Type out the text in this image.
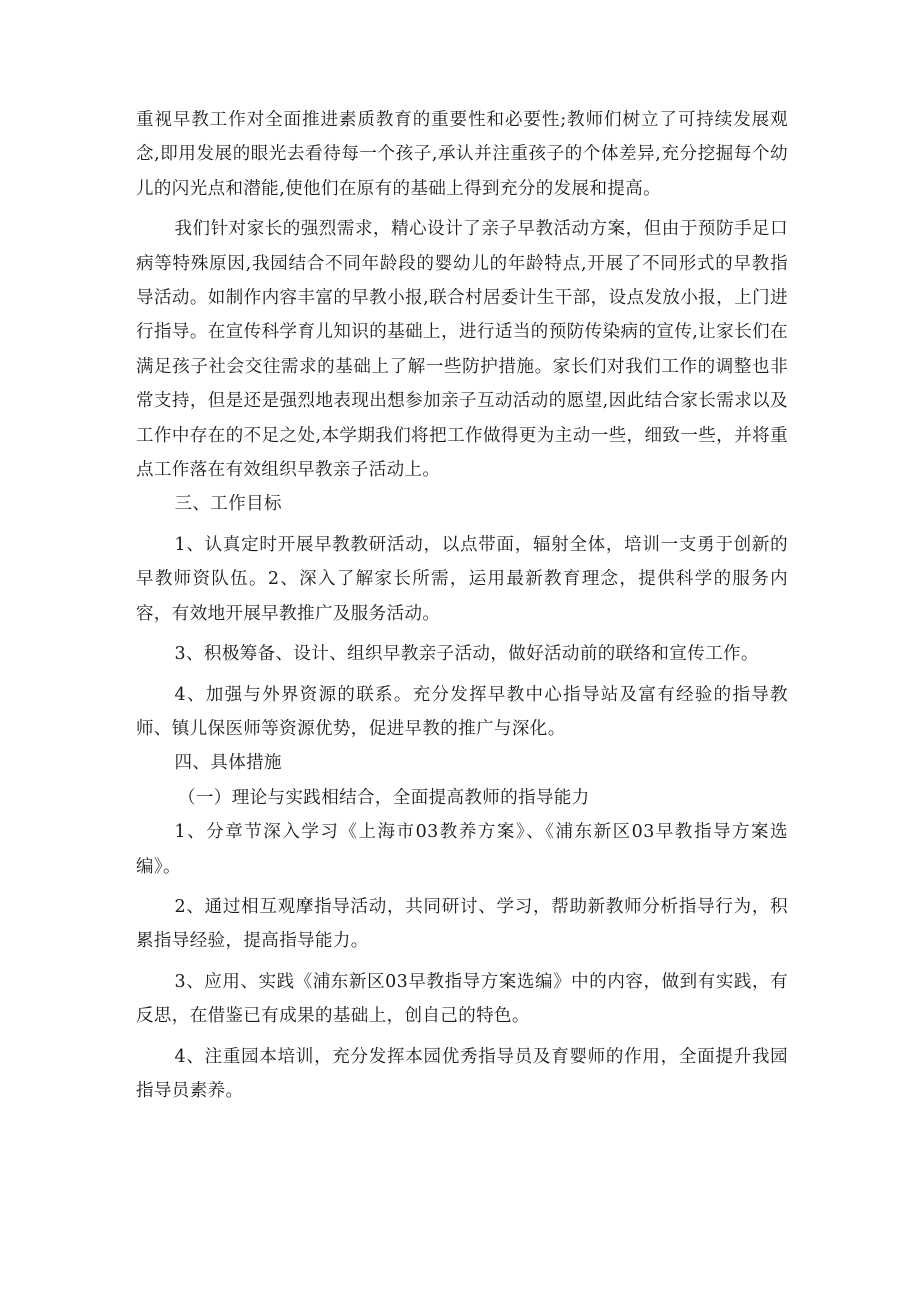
重视早教工作对全面推进素质教育的重要性和必要性;教师们树立了可持续发展观念,即用发展的眼光去看待每一个孩子,承认并注重孩子的个体差异,充分挖掘每个幼儿的闪光点和潜能,使他们在原有的基础上得到充分的发展和提高。

我们针对家长的强烈需求，精心设计了亲子早教活动方案，但由于预防手足口病等特殊原因,我园结合不同年龄段的婴幼儿的年龄特点,开展了不同形式的早教指导活动。如制作内容丰富的早教小报,联合村居委计生干部，设点发放小报，上门进行指导。在宣传科学育儿知识的基础上，进行适当的预防传染病的宣传,让家长们在满足孩子社会交往需求的基础上了解一些防护措施。家长们对我们工作的调整也非常支持，但是还是强烈地表现出想参加亲子互动活动的愿望,因此结合家长需求以及工作中存在的不足之处,本学期我们将把工作做得更为主动一些，细致一些，并将重点工作落在有效组织早教亲子活动上。

三、工作目标

1、认真定时开展早教教研活动，以点带面，辐射全体，培训一支勇于创新的早教师资队伍。2、深入了解家长所需，运用最新教育理念，提供科学的服务内容，有效地开展早教推广及服务活动。

3、积极筹备、设计、组织早教亲子活动，做好活动前的联络和宣传工作。

4、加强与外界资源的联系。充分发挥早教中心指导站及富有经验的指导教师、镇儿保医师等资源优势，促进早教的推广与深化。

四、具体措施

（一）理论与实践相结合，全面提高教师的指导能力

1、分章节深入学习《上海市03教养方案》、《浦东新区03早教指导方案选编》。

2、通过相互观摩指导活动，共同研讨、学习，帮助新教师分析指导行为，积累指导经验，提高指导能力。

3、应用、实践《浦东新区03早教指导方案选编》中的内容，做到有实践，有反思，在借鉴已有成果的基础上，创自己的特色。

4、注重园本培训，充分发挥本园优秀指导员及育婴师的作用，全面提升我园指导员素养。
